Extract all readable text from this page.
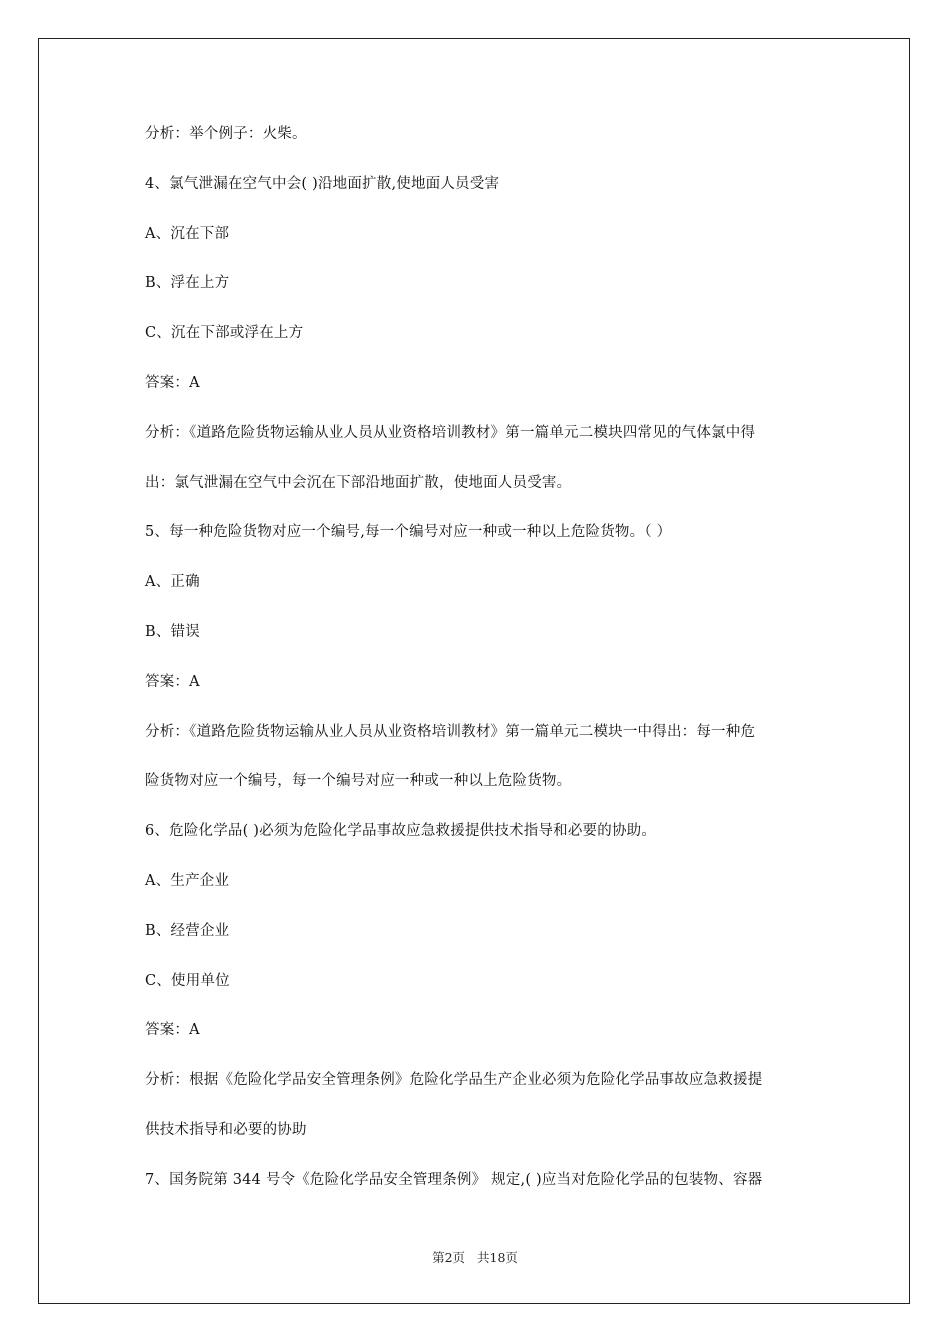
分析：举个例子：火柴。
4、氯气泄漏在空气中会( )沿地面扩散,使地面人员受害
A、沉在下部
B、浮在上方
C、沉在下部或浮在上方
答案：A
分析：《道路危险货物运输从业人员从业资格培训教材》第一篇单元二模块四常见的气体氯中得
出：氯气泄漏在空气中会沉在下部沿地面扩散，使地面人员受害。
5、每一种危险货物对应一个编号,每一个编号对应一种或一种以上危险货物。（ ）
A、正确
B、错误
答案：A
分析：《道路危险货物运输从业人员从业资格培训教材》第一篇单元二模块一中得出：每一种危
险货物对应一个编号，每一个编号对应一种或一种以上危险货物。
6、危险化学品( )必须为危险化学品事故应急救援提供技术指导和必要的协助。
A、生产企业
B、经营企业
C、使用单位
答案：A
分析：根据《危险化学品安全管理条例》危险化学品生产企业必须为危险化学品事故应急救援提
供技术指导和必要的协助
7、国务院第 344 号令《危险化学品安全管理条例》 规定,( )应当对危险化学品的包装物、容器
第2页 共18页
